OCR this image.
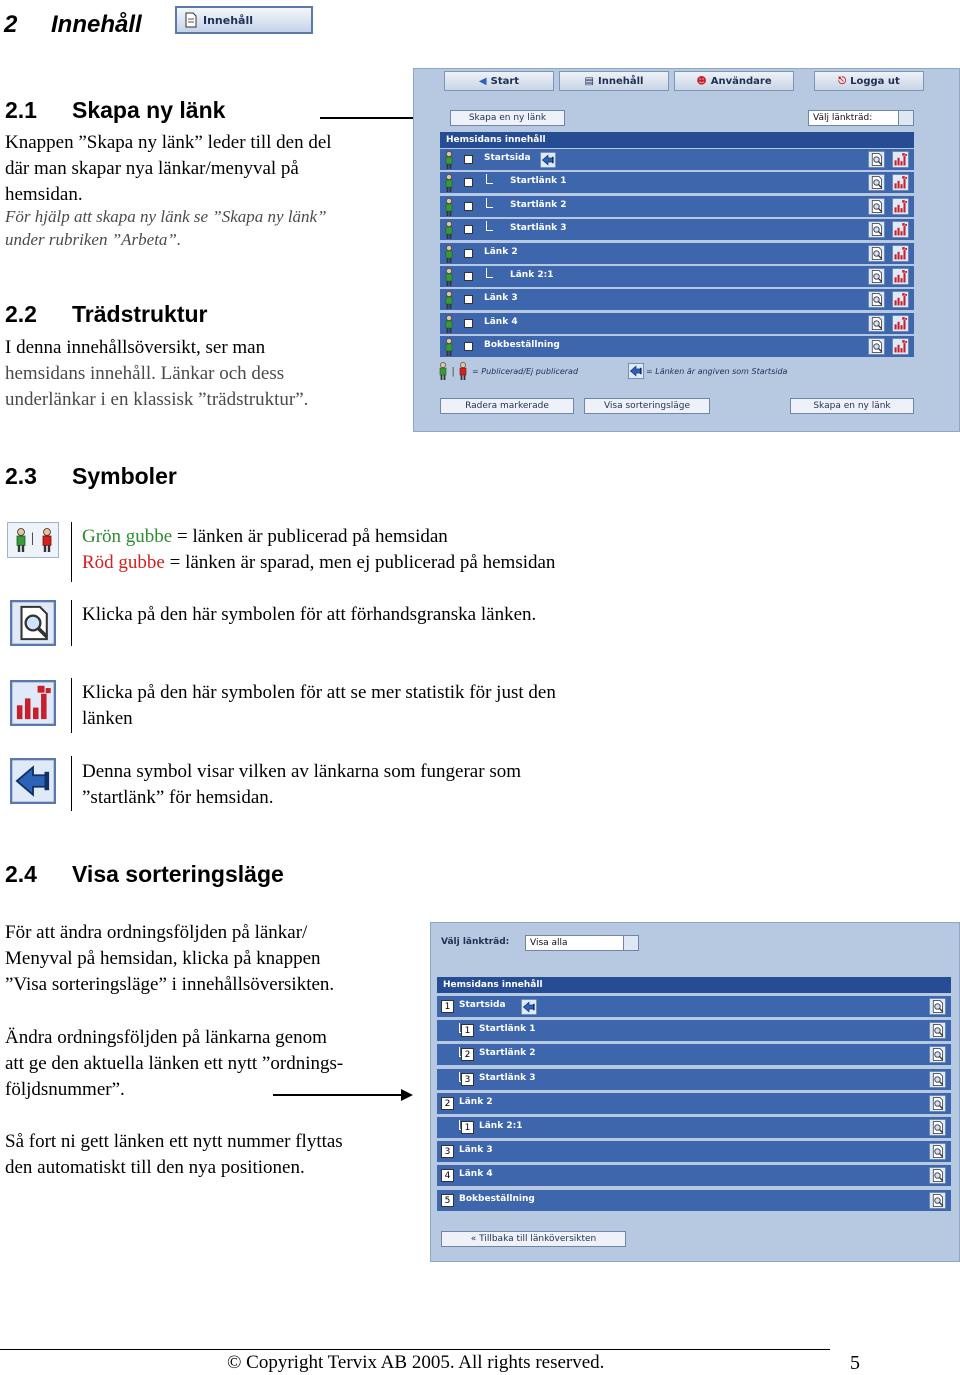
2 Innehåll	Innehåll
2.1 Skapa ny länk
Knappen ”Skapa ny länk” leder till den del
där man skapar nya länkar/menyval på
hemsidan.
För hjälp att skapa ny länk se ”Skapa ny länk”
under rubriken ”Arbeta”.
2.2 Trädstruktur
I denna innehållsöversikt, ser man
hemsidans innehåll. Länkar och dess
underlänkar i en klassisk ”trädstruktur”.
◀ Start	▤ Innehåll	☻ Användare	⎋ Logga ut
Skapa en ny länk	Välj länkträd:
Hemsidans innehåll
Startsida
Startlänk 1
Startlänk 2
Startlänk 3
Länk 2
Länk 2:1
Länk 3
Länk 4
Bokbeställning
| = Publicerad/Ej publicerad	= Länken är angiven som Startsida
Radera markerade	Visa sorteringsläge	Skapa en ny länk
2.3 Symboler
|	Grön gubbe = länken är publicerad på hemsidan
Röd gubbe = länken är sparad, men ej publicerad på hemsidan
Klicka på den här symbolen för att förhandsgranska länken.
Klicka på den här symbolen för att se mer statistik för just den
länken
Denna symbol visar vilken av länkarna som fungerar som
”startlänk” för hemsidan.
2.4 Visa sorteringsläge
För att ändra ordningsföljden på länkar/
Menyval på hemsidan, klicka på knappen
”Visa sorteringsläge” i innehållsöversikten.
Ändra ordningsföljden på länkarna genom
att ge den aktuella länken ett nytt ”ordnings-
följdsnummer”.
Så fort ni gett länken ett nytt nummer flyttas
den automatiskt till den nya positionen.
Välj länkträd:	Visa alla
Hemsidans innehåll
1 Startsida
1 Startlänk 1
2 Startlänk 2
3 Startlänk 3
2 Länk 2
1 Länk 2:1
3 Länk 3
4 Länk 4
5 Bokbeställning
« Tillbaka till länköversikten
© Copyright Tervix AB 2005. All rights reserved.	5
